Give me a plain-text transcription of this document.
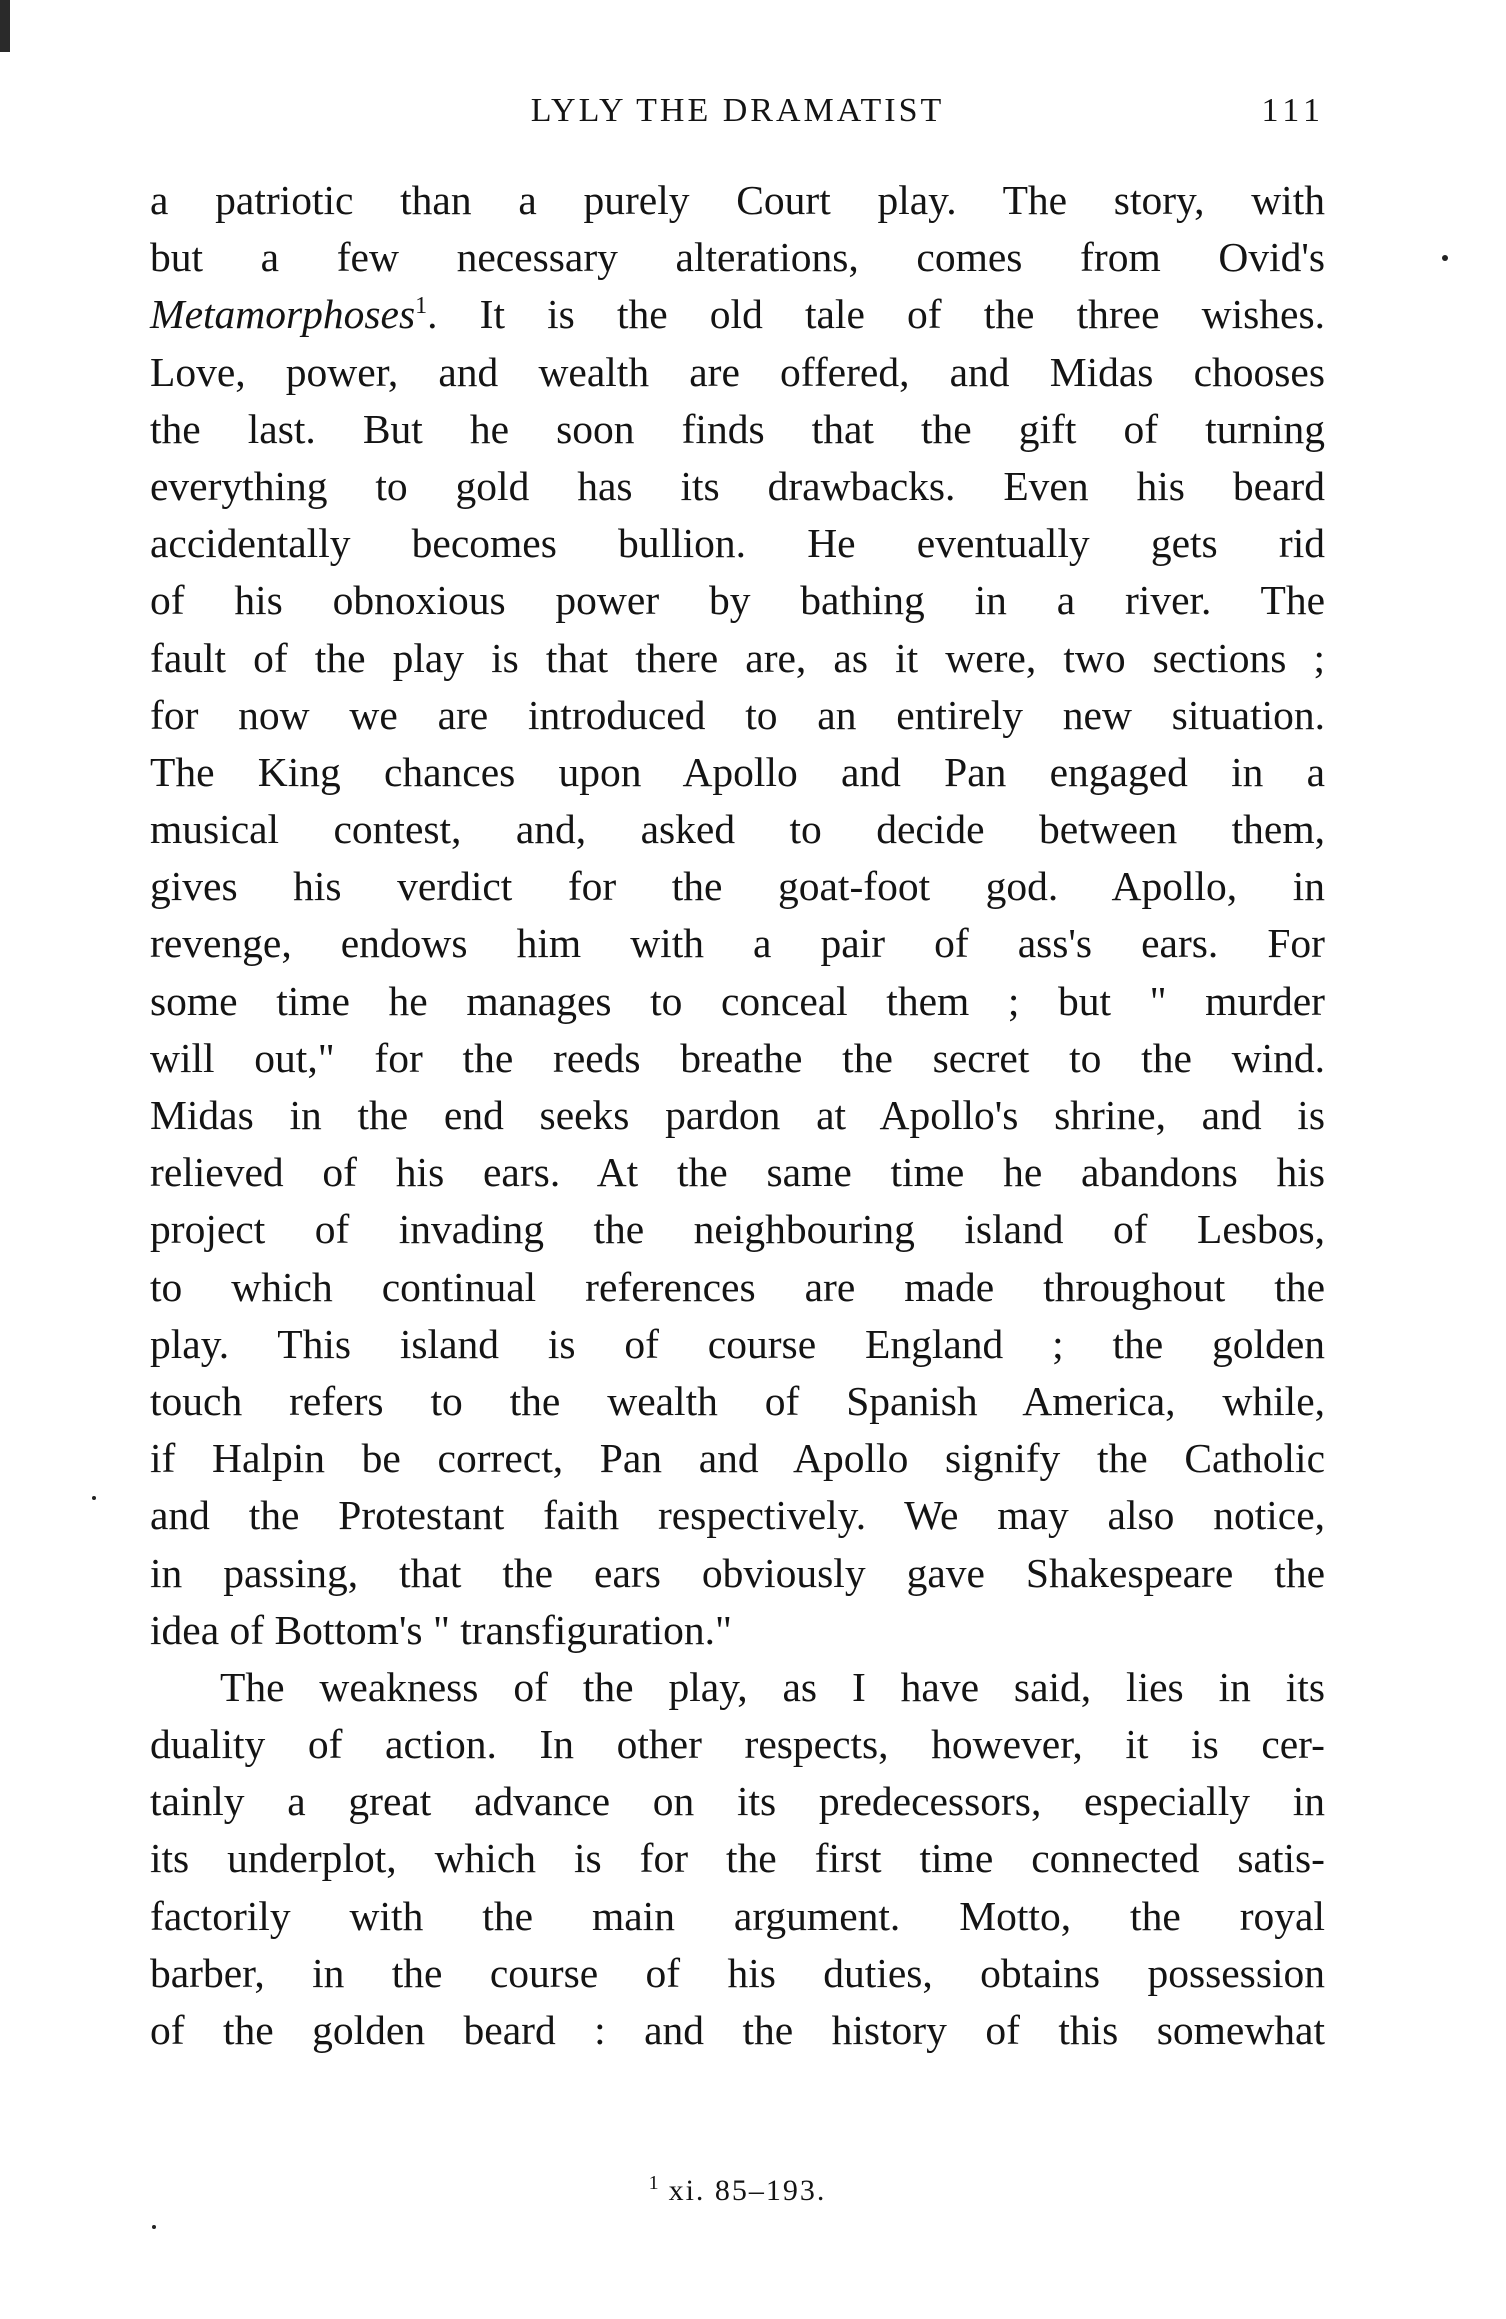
LYLY THE DRAMATIST	111
a patriotic than a purely Court play. The story, with
but a few necessary alterations, comes from Ovid's
Metamorphoses$^1$. It is the old tale of the three wishes.
Love, power, and wealth are offered, and Midas chooses
the last. But he soon finds that the gift of turning
everything to gold has its drawbacks. Even his beard
accidentally becomes bullion. He eventually gets rid
of his obnoxious power by bathing in a river. The
fault of the play is that there are, as it were, two sections ;
for now we are introduced to an entirely new situation.
The King chances upon Apollo and Pan engaged in a
musical contest, and, asked to decide between them,
gives his verdict for the goat-foot god. Apollo, in
revenge, endows him with a pair of ass's ears. For
some time he manages to conceal them ; but " murder
will out," for the reeds breathe the secret to the wind.
Midas in the end seeks pardon at Apollo's shrine, and is
relieved of his ears. At the same time he abandons his
project of invading the neighbouring island of Lesbos,
to which continual references are made throughout the
play. This island is of course England ; the golden
touch refers to the wealth of Spanish America, while,
if Halpin be correct, Pan and Apollo signify the Catholic
and the Protestant faith respectively. We may also notice,
in passing, that the ears obviously gave Shakespeare the
idea of Bottom's " transfiguration."
The weakness of the play, as I have said, lies in its
duality of action. In other respects, however, it is cer-
tainly a great advance on its predecessors, especially in
its underplot, which is for the first time connected satis-
factorily with the main argument. Motto, the royal
barber, in the course of his duties, obtains possession
of the golden beard : and the history of this somewhat
$^1$ xi. 85–193.
